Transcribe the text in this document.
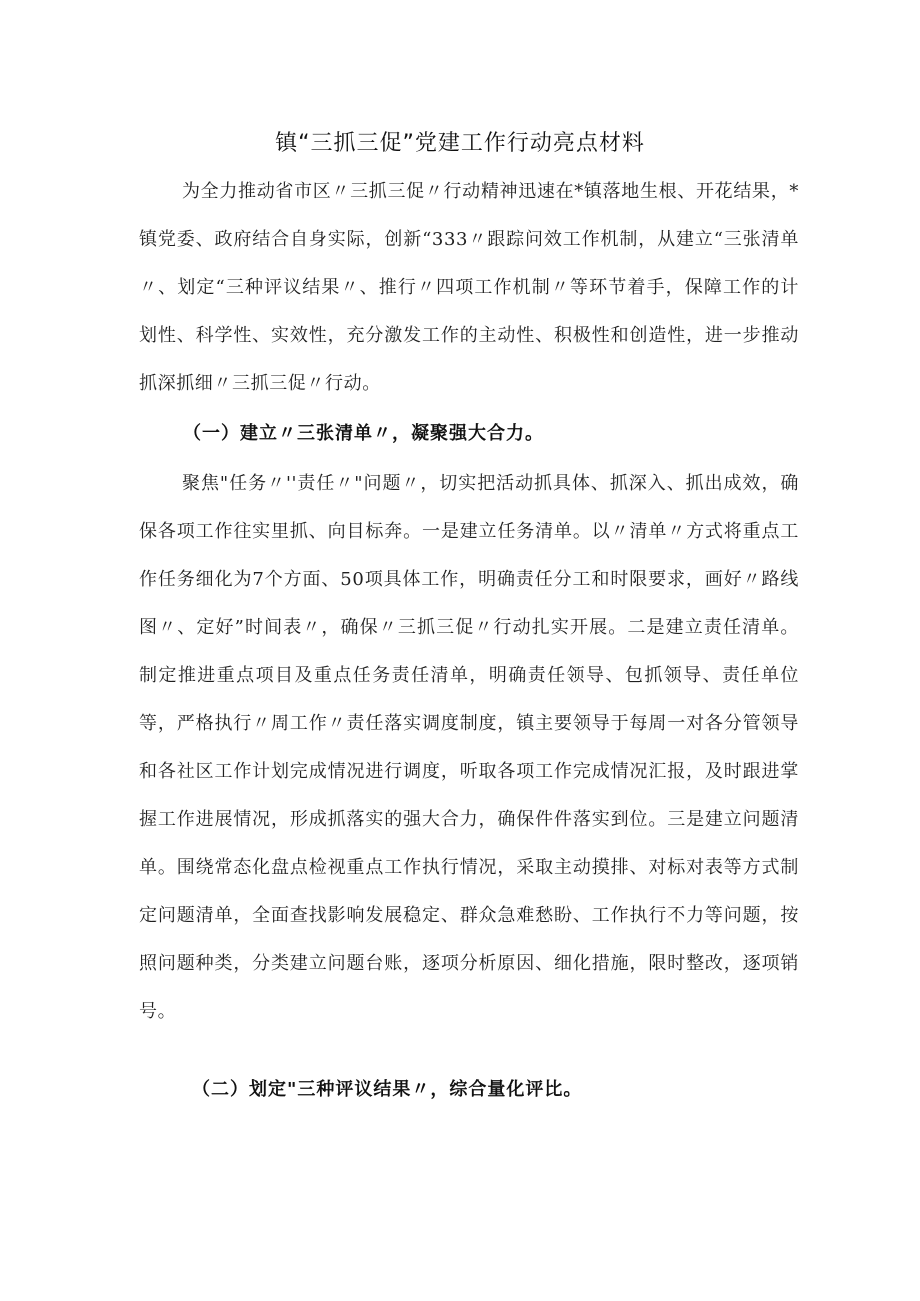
镇“三抓三促”党建工作行动亮点材料

为全力推动省市区〃三抓三促〃行动精神迅速在*镇落地生根、开花结果，*镇党委、政府结合自身实际，创新“333〃跟踪问效工作机制，从建立“三张清单〃、划定“三种评议结果〃、推行〃四项工作机制〃等环节着手，保障工作的计划性、科学性、实效性，充分激发工作的主动性、积极性和创造性，进一步推动抓深抓细〃三抓三促〃行动。

（一）建立〃三张清单〃，凝聚强大合力。

聚焦"任务〃''责任〃"问题〃，切实把活动抓具体、抓深入、抓出成效，确保各项工作往实里抓、向目标奔。一是建立任务清单。以〃清单〃方式将重点工作任务细化为7个方面、50项具体工作，明确责任分工和时限要求，画好〃路线图〃、定好”时间表〃，确保〃三抓三促〃行动扎实开展。二是建立责任清单。制定推进重点项目及重点任务责任清单，明确责任领导、包抓领导、责任单位等，严格执行〃周工作〃责任落实调度制度，镇主要领导于每周一对各分管领导和各社区工作计划完成情况进行调度，听取各项工作完成情况汇报，及时跟进掌握工作进展情况，形成抓落实的强大合力，确保件件落实到位。三是建立问题清单。围绕常态化盘点检视重点工作执行情况，采取主动摸排、对标对表等方式制定问题清单，全面查找影响发展稳定、群众急难愁盼、工作执行不力等问题，按照问题种类，分类建立问题台账，逐项分析原因、细化措施，限时整改，逐项销号。

（二）划定"三种评议结果〃，综合量化评比。
